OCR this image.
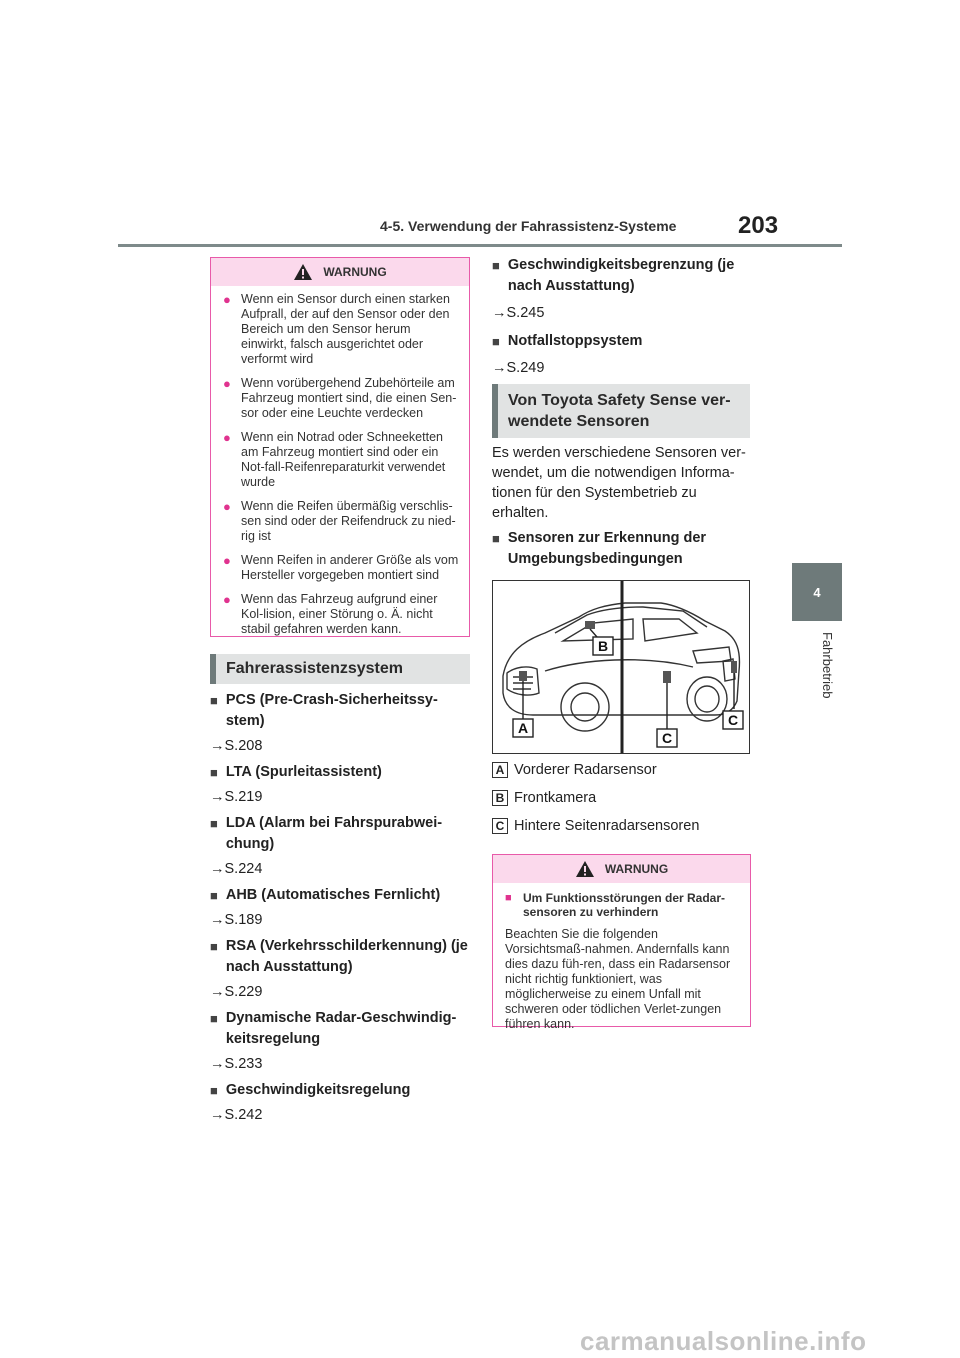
4-5. Verwendung der Fahrassistenz-Systeme	203
4
Fahrbetrieb
WARNUNG
● Wenn ein Sensor durch einen starken Aufprall, der auf den Sensor oder den Bereich um den Sensor herum einwirkt, falsch ausgerichtet oder verformt wird
● Wenn vorübergehend Zubehörteile am Fahrzeug montiert sind, die einen Sen-sor oder eine Leuchte verdecken
● Wenn ein Notrad oder Schneeketten am Fahrzeug montiert sind oder ein Not-fall-Reifenreparaturkit verwendet wurde
● Wenn die Reifen übermäßig verschlis-sen sind oder der Reifendruck zu nied-rig ist
● Wenn Reifen in anderer Größe als vom Hersteller vorgegeben montiert sind
● Wenn das Fahrzeug aufgrund einer Kol-lision, einer Störung o. Ä. nicht stabil gefahren werden kann.
Fahrerassistenzsystem
■ PCS (Pre-Crash-Sicherheitssy-stem)
→S.208
■ LTA (Spurleitassistent)
→S.219
■ LDA (Alarm bei Fahrspurabwei-chung)
→S.224
■ AHB (Automatisches Fernlicht)
→S.189
■ RSA (Verkehrsschilderkennung) (je nach Ausstattung)
→S.229
■ Dynamische Radar-Geschwindig-keitsregelung
→S.233
■ Geschwindigkeitsregelung
→S.242
■ Geschwindigkeitsbegrenzung (je nach Ausstattung)
→S.245
■ Notfallstoppsystem
→S.249
Von Toyota Safety Sense ver-
wendete Sensoren
Es werden verschiedene Sensoren ver-wendet, um die notwendigen Informa-tionen für den Systembetrieb zu erhalten.
■ Sensoren zur Erkennung der Umgebungsbedingungen
B
A
C
C
A Vorderer Radarsensor
B Frontkamera
C Hintere Seitenradarsensoren
WARNUNG
■ Um Funktionsstörungen der Radar-sensoren zu verhindern
Beachten Sie die folgenden Vorsichtsmaß-nahmen. Andernfalls kann dies dazu füh-ren, dass ein Radarsensor nicht richtig funktioniert, was möglicherweise zu einem Unfall mit schweren oder tödlichen Verlet-zungen führen kann.
carmanualsonline.info
